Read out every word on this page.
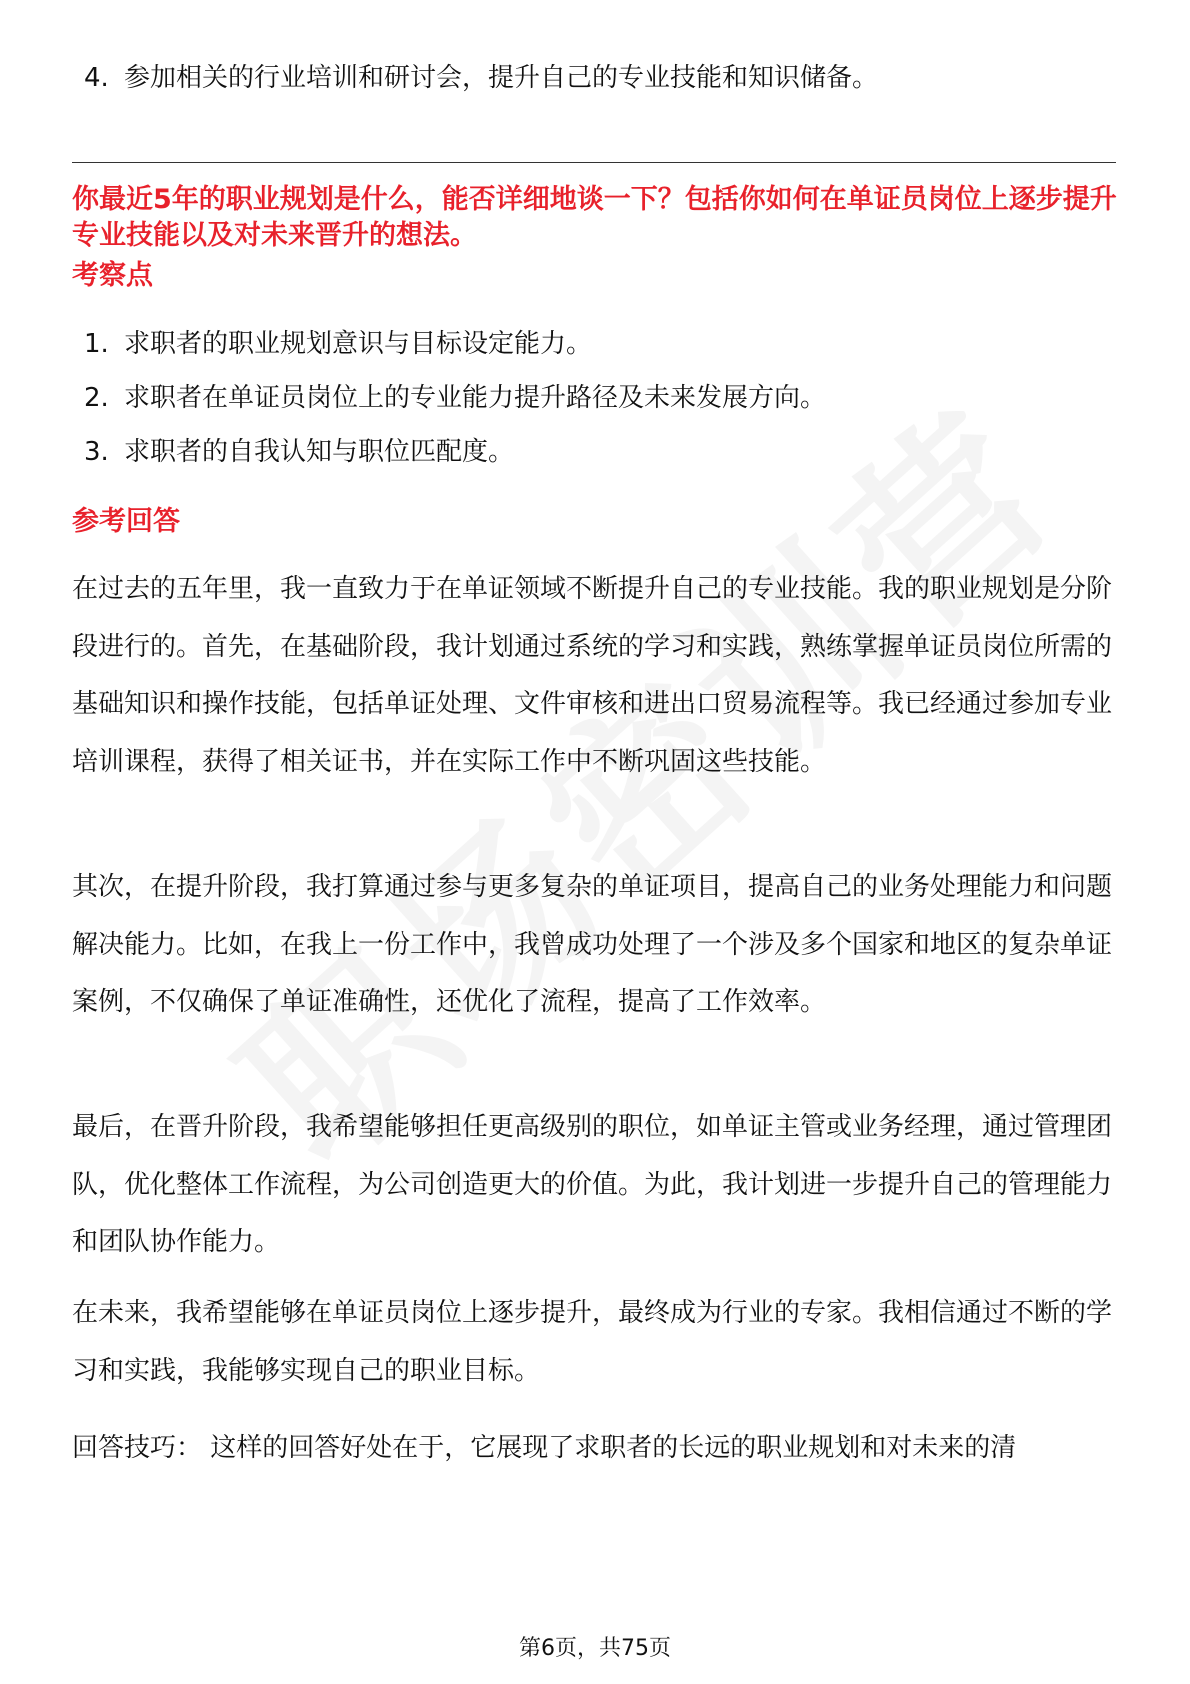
4. 参加相关的行业培训和研讨会，提升自己的专业技能和知识储备。
你最近5年的职业规划是什么，能否详细地谈一下？包括你如何在单证员岗位上逐步提升专业技能以及对未来晋升的想法。
考察点
1. 求职者的职业规划意识与目标设定能力。
2. 求职者在单证员岗位上的专业能力提升路径及未来发展方向。
3. 求职者的自我认知与职位匹配度。
参考回答
在过去的五年里，我一直致力于在单证领域不断提升自己的专业技能。我的职业规划是分阶段进行的。首先，在基础阶段，我计划通过系统的学习和实践，熟练掌握单证员岗位所需的基础知识和操作技能，包括单证处理、文件审核和进出口贸易流程等。我已经通过参加专业培训课程，获得了相关证书，并在实际工作中不断巩固这些技能。
其次，在提升阶段，我打算通过参与更多复杂的单证项目，提高自己的业务处理能力和问题解决能力。比如，在我上一份工作中，我曾成功处理了一个涉及多个国家和地区的复杂单证案例，不仅确保了单证准确性，还优化了流程，提高了工作效率。
最后，在晋升阶段，我希望能够担任更高级别的职位，如单证主管或业务经理，通过管理团队，优化整体工作流程，为公司创造更大的价值。为此，我计划进一步提升自己的管理能力和团队协作能力。
在未来，我希望能够在单证员岗位上逐步提升，最终成为行业的专家。我相信通过不断的学习和实践，我能够实现自己的职业目标。
回答技巧： 这样的回答好处在于，它展现了求职者的长远的职业规划和对未来的清
第6页，共75页
